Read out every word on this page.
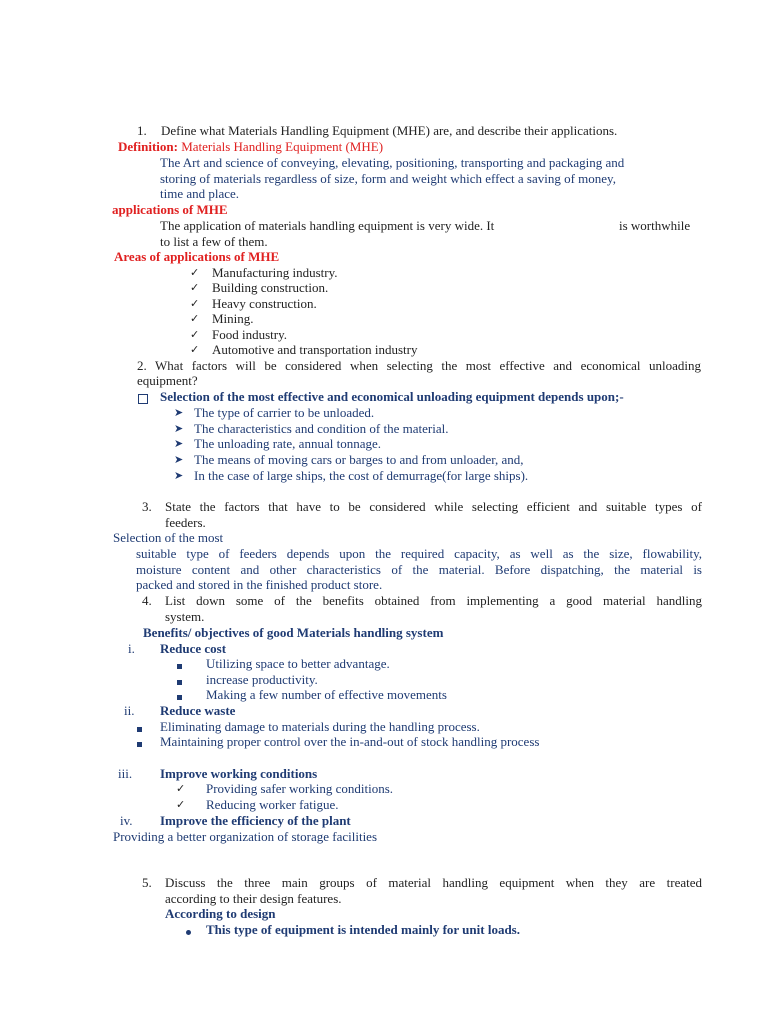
1. Define what Materials Handling Equipment (MHE) are, and describe their applications.
Definition: Materials Handling Equipment (MHE)
The Art and science of conveying, elevating, positioning, transporting and packaging and
storing of materials regardless of size, form and weight which effect a saving of money,
time and place.
applications of MHE
The application of materials handling equipment is very wide. It	is worthwhile
to list a few of them.
Areas of applications of MHE
✓ Manufacturing industry.
✓ Building construction.
✓ Heavy construction.
✓ Mining.
✓ Food industry.
✓ Automotive and transportation industry
2. What factors will be considered when selecting the most effective and economical unloading
equipment?
Selection of the most effective and economical unloading equipment depends upon;-
➤ The type of carrier to be unloaded.
➤ The characteristics and condition of the material.
➤ The unloading rate, annual tonnage.
➤ The means of moving cars or barges to and from unloader, and,
➤ In the case of large ships, the cost of demurrage(for large ships).
3. State the factors that have to be considered while selecting efficient and suitable types of
feeders.
Selection of the most
suitable type of feeders depends upon the required capacity, as well as the size, flowability,
moisture content and other characteristics of the material. Before dispatching, the material is
packed and stored in the finished product store.
4. List down some of the benefits obtained from implementing a good material handling
system.
Benefits/ objectives of good Materials handling system
i. Reduce cost
Utilizing space to better advantage.
increase productivity.
Making a few number of effective movements
ii. Reduce waste
Eliminating damage to materials during the handling process.
Maintaining proper control over the in-and-out of stock handling process
iii. Improve working conditions
✓ Providing safer working conditions.
✓ Reducing worker fatigue.
iv. Improve the efficiency of the plant
Providing a better organization of storage facilities
5. Discuss the three main groups of material handling equipment when they are treated
according to their design features.
According to design
This type of equipment is intended mainly for unit loads.
